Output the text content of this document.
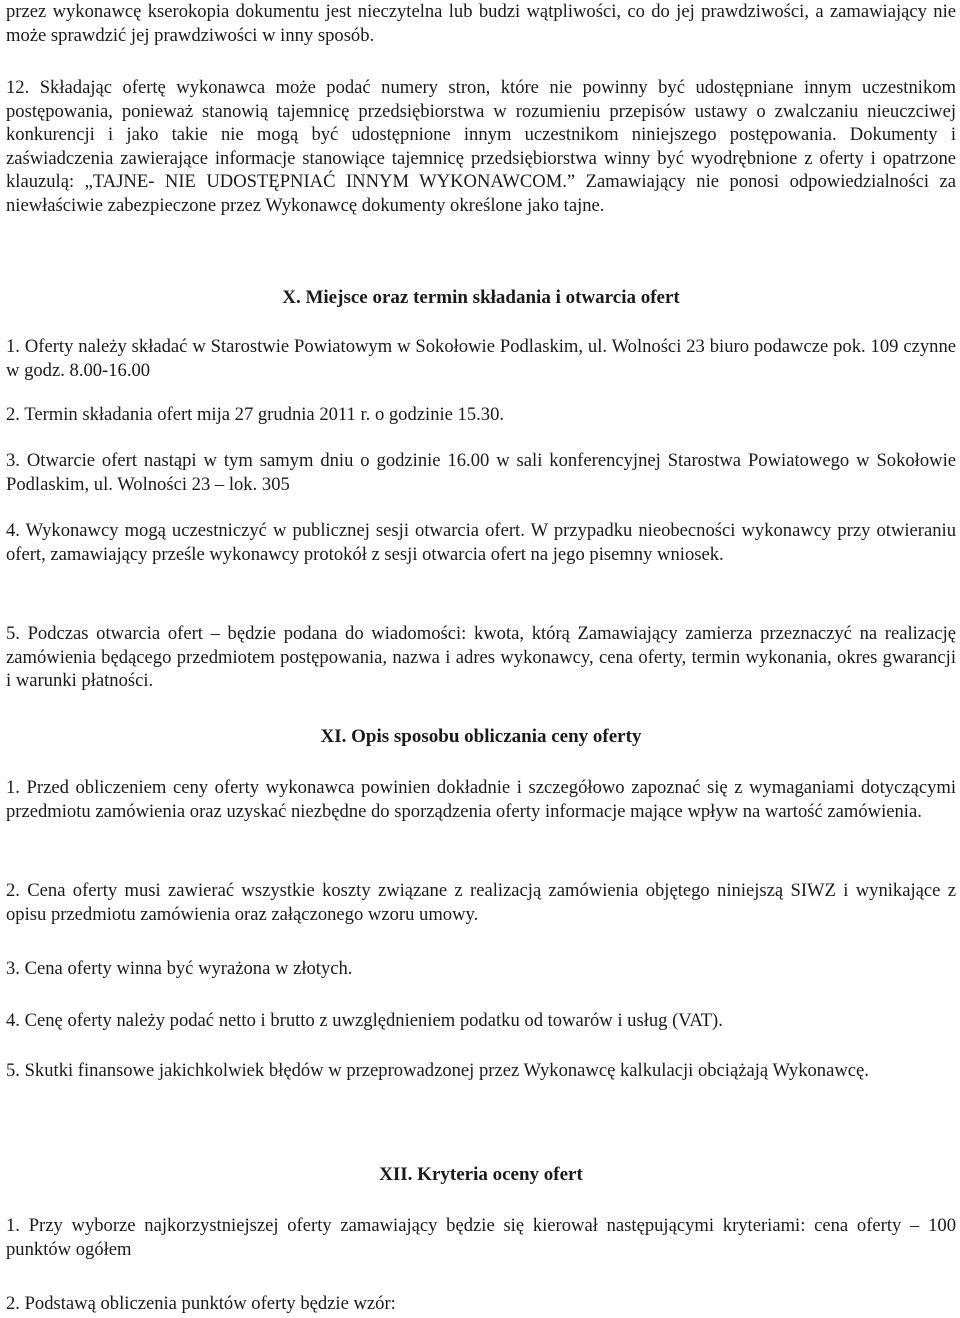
przez wykonawcę kserokopia dokumentu jest nieczytelna lub budzi wątpliwości, co do jej prawdziwości, a zamawiający nie może sprawdzić jej prawdziwości w inny sposób.

12. Składając ofertę wykonawca może podać numery stron, które nie powinny być udostępniane innym uczestnikom postępowania, ponieważ stanowią tajemnicę przedsiębiorstwa w rozumieniu przepisów ustawy o zwalczaniu nieuczciwej konkurencji i jako takie nie mogą być udostępnione innym uczestnikom niniejszego postępowania. Dokumenty i zaświadczenia zawierające informacje stanowiące tajemnicę przedsiębiorstwa winny być wyodrębnione z oferty i opatrzone klauzulą: „TAJNE- NIE UDOSTĘPNIAĆ INNYM WYKONAWCOM.” Zamawiający nie ponosi odpowiedzialności za niewłaściwie zabezpieczone przez Wykonawcę dokumenty określone jako tajne.

X. Miejsce oraz termin składania i otwarcia ofert

1. Oferty należy składać w Starostwie Powiatowym w Sokołowie Podlaskim, ul. Wolności 23 biuro podawcze pok. 109 czynne w godz. 8.00-16.00

2. Termin składania ofert mija 27 grudnia 2011 r. o godzinie 15.30.

3. Otwarcie ofert nastąpi w tym samym dniu o godzinie 16.00 w sali konferencyjnej Starostwa Powiatowego w Sokołowie Podlaskim, ul. Wolności 23 – lok. 305

4. Wykonawcy mogą uczestniczyć w publicznej sesji otwarcia ofert. W przypadku nieobecności wykonawcy przy otwieraniu ofert, zamawiający prześle wykonawcy protokół z sesji otwarcia ofert na jego pisemny wniosek.

5. Podczas otwarcia ofert – będzie podana do wiadomości: kwota, którą Zamawiający zamierza przeznaczyć na realizację zamówienia będącego przedmiotem postępowania, nazwa i adres wykonawcy, cena oferty, termin wykonania, okres gwarancji i warunki płatności.

XI. Opis sposobu obliczania ceny oferty

1. Przed obliczeniem ceny oferty wykonawca powinien dokładnie i szczegółowo zapoznać się z wymaganiami dotyczącymi przedmiotu zamówienia oraz uzyskać niezbędne do sporządzenia oferty informacje mające wpływ na wartość zamówienia.

2. Cena oferty musi zawierać wszystkie koszty związane z realizacją zamówienia objętego niniejszą SIWZ i wynikające z opisu przedmiotu zamówienia oraz załączonego wzoru umowy.

3. Cena oferty winna być wyrażona w złotych.

4. Cenę oferty należy podać netto i brutto z uwzględnieniem podatku od towarów i usług (VAT).

5. Skutki finansowe jakichkolwiek błędów w przeprowadzonej przez Wykonawcę kalkulacji obciążają Wykonawcę.

XII. Kryteria oceny ofert

1. Przy wyborze najkorzystniejszej oferty zamawiający będzie się kierował następującymi kryteriami: cena oferty – 100 punktów ogółem

2. Podstawą obliczenia punktów oferty będzie wzór:
